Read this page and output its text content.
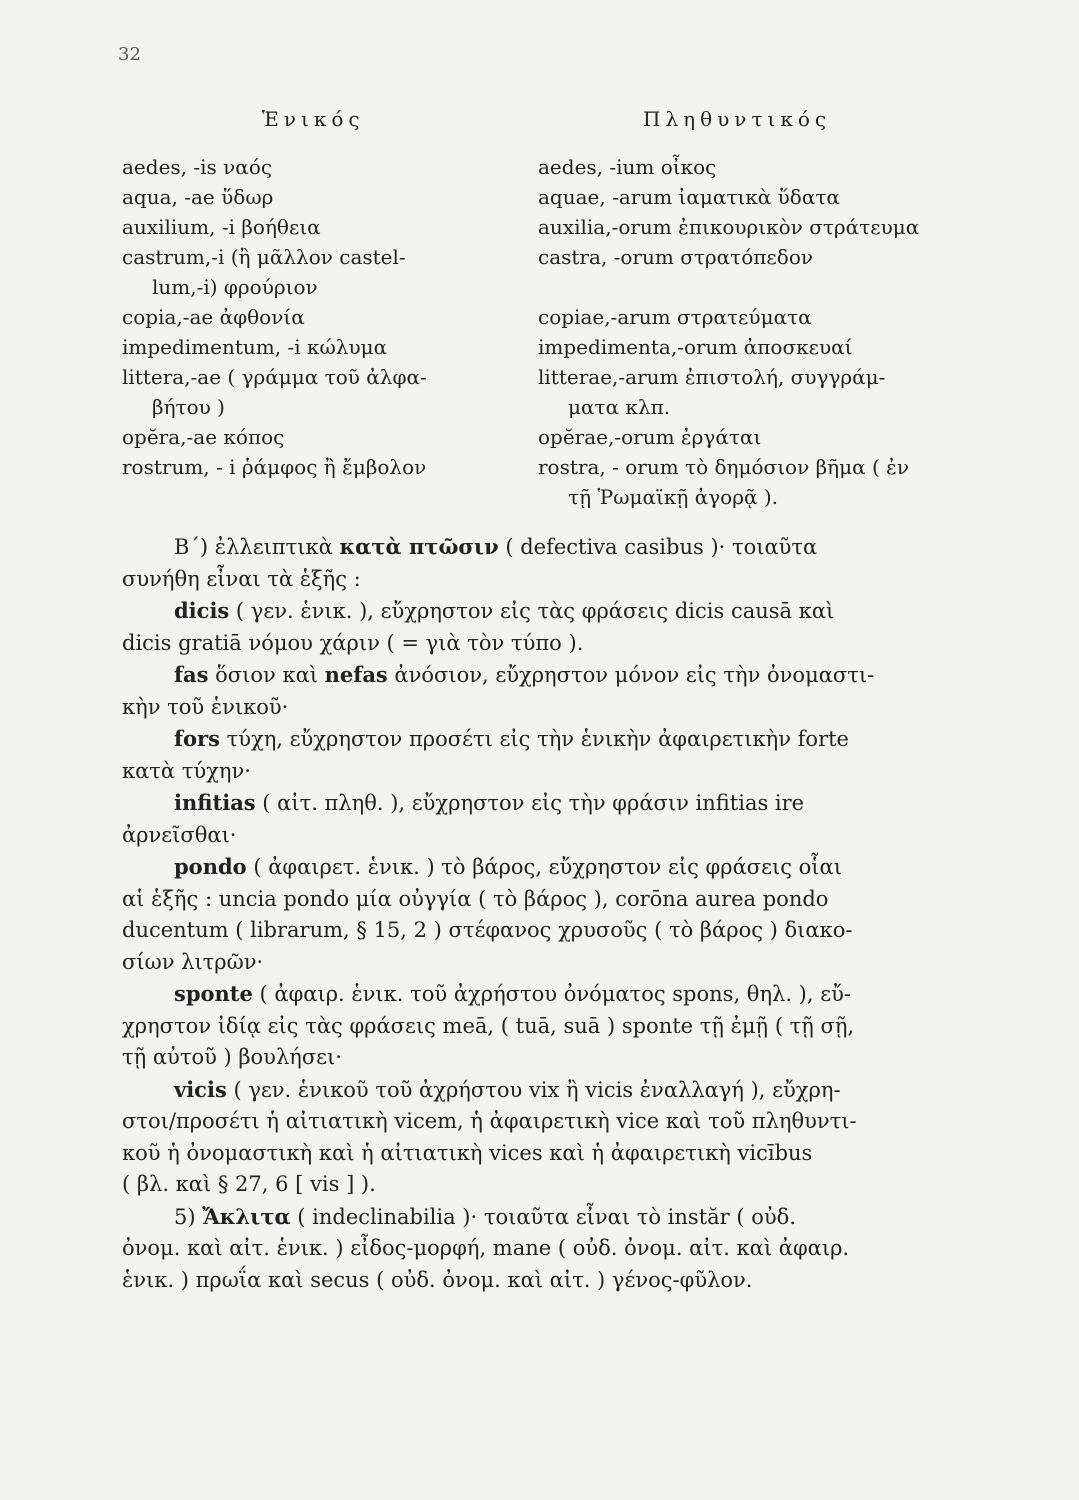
32
Ἑνικός
aedes, -is ναός
aqua, -ae ὕδωρ
auxilium, -i βοήθεια
castrum,-i (ἢ μᾶλλον castel-
lum,-i) φρούριον
copia,-ae ἀφθονία
impedimentum, -i κώλυμα
littera,-ae ( γράμμα τοῦ ἀλφα-
βήτου )
opĕra,-ae κόπος
rostrum, - i ῥάμφος ἢ ἔμβολον
Πληθυντικός
aedes, -ium οἶκος
aquae, -arum ἰαματικὰ ὕδατα
auxilia,-orum ἐπικουρικὸν στράτευμα
castra, -orum στρατόπεδον
copiae,-arum στρατεύματα
impedimenta,-orum ἀποσκευαί
litterae,-arum ἐπιστολή, συγγράμ-
ματα κλπ.
opĕrae,-orum ἐργάται
rostra, - orum τὸ δημόσιον βῆμα ( ἐν
τῇ Ῥωμαϊκῇ ἀγορᾷ ).

B΄) ἐλλειπτικὰ κατὰ πτῶσιν ( defectiva casibus )· τοιαῦτα

συνήθη εἶναι τὰ ἑξῆς :

dicis ( γεν. ἑνικ. ), εὔχρηστον εἰς τὰς φράσεις dicis causā καὶ

dicis gratiā νόμου χάριν ( = γιὰ τὸν τύπο ).

fas ὅσιον καὶ nefas ἀνόσιον, εὔχρηστον μόνον εἰς τὴν ὀνομαστι-

κὴν τοῦ ἑνικοῦ·

fors τύχη, εὔχρηστον προσέτι εἰς τὴν ἑνικὴν ἀφαιρετικὴν forte

κατὰ τύχην·

infitias ( αἰτ. πληθ. ), εὔχρηστον εἰς τὴν φράσιν infitias ire

ἀρνεῖσθαι·

pondo ( ἀφαιρετ. ἑνικ. ) τὸ βάρος, εὔχρηστον εἰς φράσεις οἷαι

αἱ ἑξῆς : uncia pondo μία οὐγγία ( τὸ βάρος ), corōna aurea pondo

ducentum ( librarum, § 15, 2 ) στέφανος χρυσοῦς ( τὸ βάρος ) διακο-

σίων λιτρῶν·

sponte ( ἀφαιρ. ἑνικ. τοῦ ἀχρήστου ὀνόματος spons, θηλ. ), εὔ-

χρηστον ἰδίᾳ εἰς τὰς φράσεις meā, ( tuā, suā ) sponte τῇ ἐμῇ ( τῇ σῇ,

τῇ αὐτοῦ ) βουλήσει·

vicis ( γεν. ἑνικοῦ τοῦ ἀχρήστου vix ἢ vicis ἐναλλαγή ), εὔχρη-

στοι/προσέτι ἡ αἰτιατικὴ vicem, ἡ ἀφαιρετικὴ vice καὶ τοῦ πληθυντι-

κοῦ ἡ ὀνομαστικὴ καὶ ἡ αἰτιατικὴ vices καὶ ἡ ἀφαιρετικὴ vicībus

( βλ. καὶ § 27, 6 [ vis ] ).

5) Ἄκλιτα ( indeclinabilia )· τοιαῦτα εἶναι τὸ instăr ( οὐδ.

ὀνομ. καὶ αἰτ. ἑνικ. ) εἶδος-μορφή, mane ( οὐδ. ὀνομ. αἰτ. καὶ ἀφαιρ.

ἑνικ. ) πρωΐα καὶ secus ( οὐδ. ὀνομ. καὶ αἰτ. ) γένος-φῦλον.
